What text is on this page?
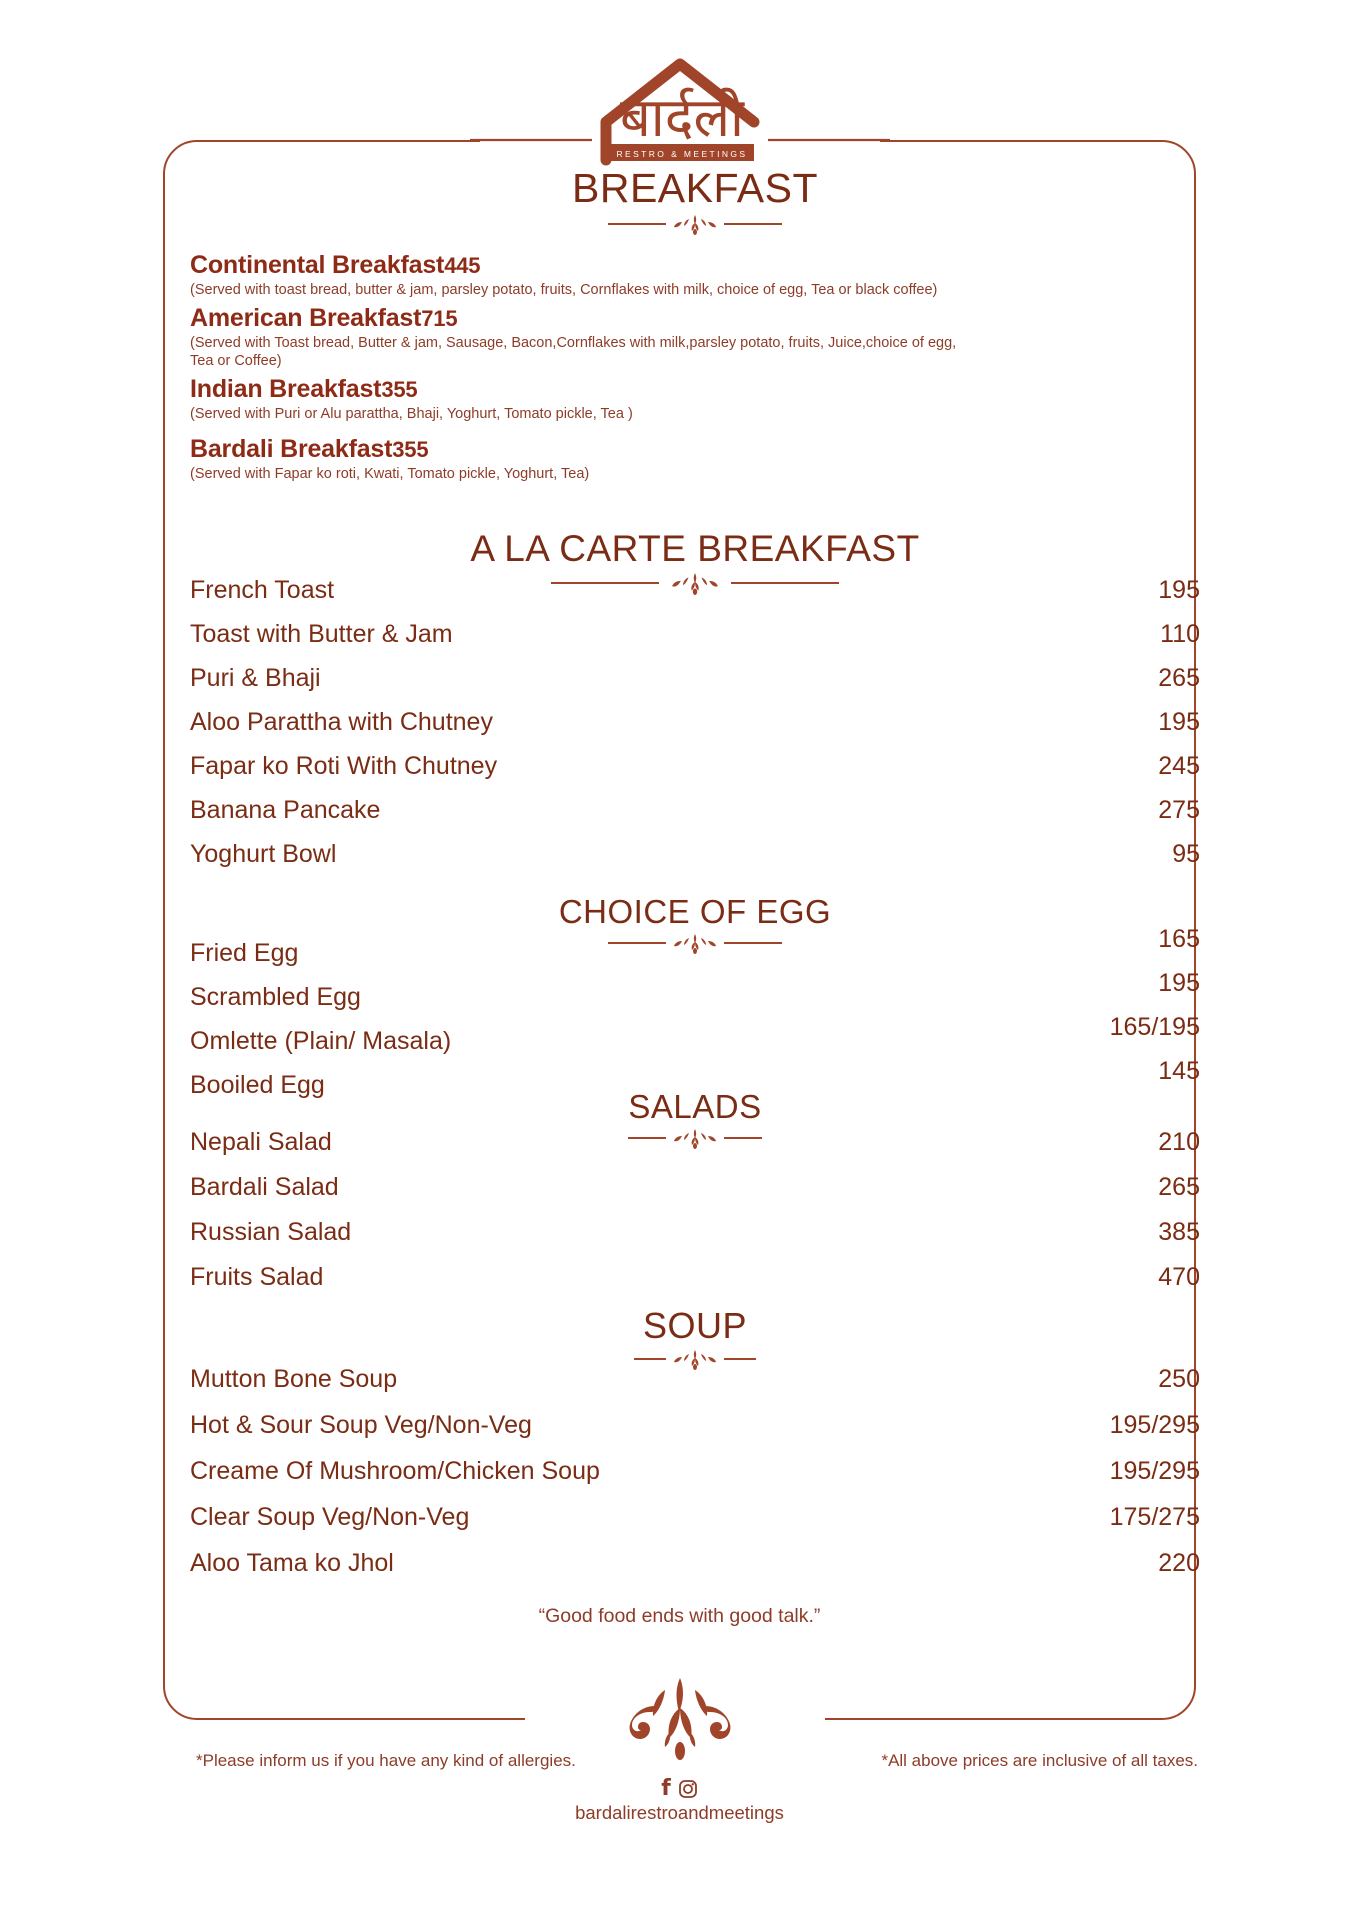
RESTRO & MEETINGS
बार्दली
BREAKFAST
Continental Breakfast 445
(Served with toast bread, butter & jam, parsley potato, fruits, Cornflakes with milk, choice of egg, Tea or black coffee)
American Breakfast 715
(Served with Toast bread, Butter & jam, Sausage, Bacon,Cornflakes with milk,parsley potato, fruits, Juice,choice of egg, Tea or Coffee)
Indian Breakfast 355
(Served with Puri or Alu parattha, Bhaji, Yoghurt, Tomato pickle, Tea )
Bardali Breakfast 355
(Served with Fapar ko roti, Kwati, Tomato pickle, Yoghurt, Tea)
A LA CARTE BREAKFAST
French Toast	195
Toast with Butter & Jam	110
Puri & Bhaji	265
Aloo Parattha with Chutney	195
Fapar ko Roti With Chutney	245
Banana Pancake	275
Yoghurt Bowl	95
CHOICE OF EGG
Fried Egg	165
Scrambled Egg	195
Omlette (Plain/ Masala)	165/195
Booiled Egg	145
SALADS
Nepali Salad	210
Bardali Salad	265
Russian Salad	385
Fruits Salad	470
SOUP
Mutton Bone Soup	250
Hot & Sour Soup Veg/Non-Veg	195/295
Creame Of Mushroom/Chicken Soup	195/295
Clear Soup Veg/Non-Veg	175/275
Aloo Tama ko Jhol	220
“Good food ends with good talk.”
*Please inform us if you have any kind of allergies.	*All above prices are inclusive of all taxes.
f
bardalirestroandmeetings
